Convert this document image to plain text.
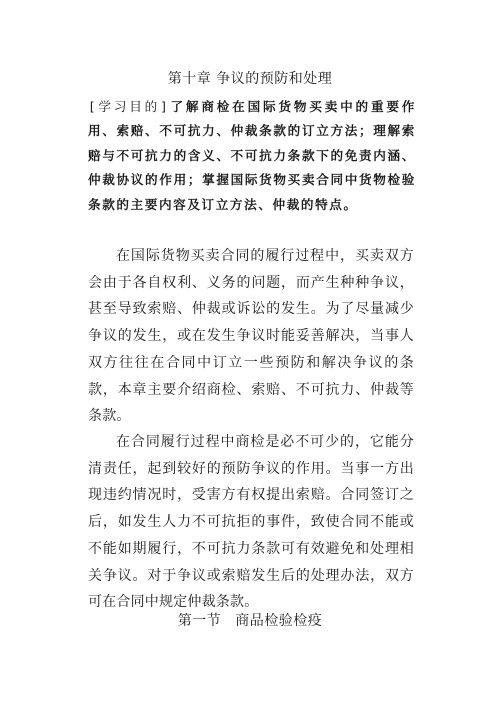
第十章 争议的预防和处理
[学习目的]了解商检在国际货物买卖中的重要作用、索赔、不可抗力、仲裁条款的订立方法；理解索赔与不可抗力的含义、不可抗力条款下的免责内涵、仲裁协议的作用；掌握国际货物买卖合同中货物检验条款的主要内容及订立方法、仲裁的特点。
在国际货物买卖合同的履行过程中，买卖双方会由于各自权利、义务的问题，而产生种种争议，甚至导致索赔、仲裁或诉讼的发生。为了尽量减少争议的发生，或在发生争议时能妥善解决，当事人双方往往在合同中订立一些预防和解决争议的条款，本章主要介绍商检、索赔、不可抗力、仲裁等条款。
在合同履行过程中商检是必不可少的，它能分清责任，起到较好的预防争议的作用。当事一方出现违约情况时，受害方有权提出索赔。合同签订之后，如发生人力不可抗拒的事件，致使合同不能或不能如期履行，不可抗力条款可有效避免和处理相关争议。对于争议或索赔发生后的处理办法，双方可在合同中规定仲裁条款。
第一节 商品检验检疫
